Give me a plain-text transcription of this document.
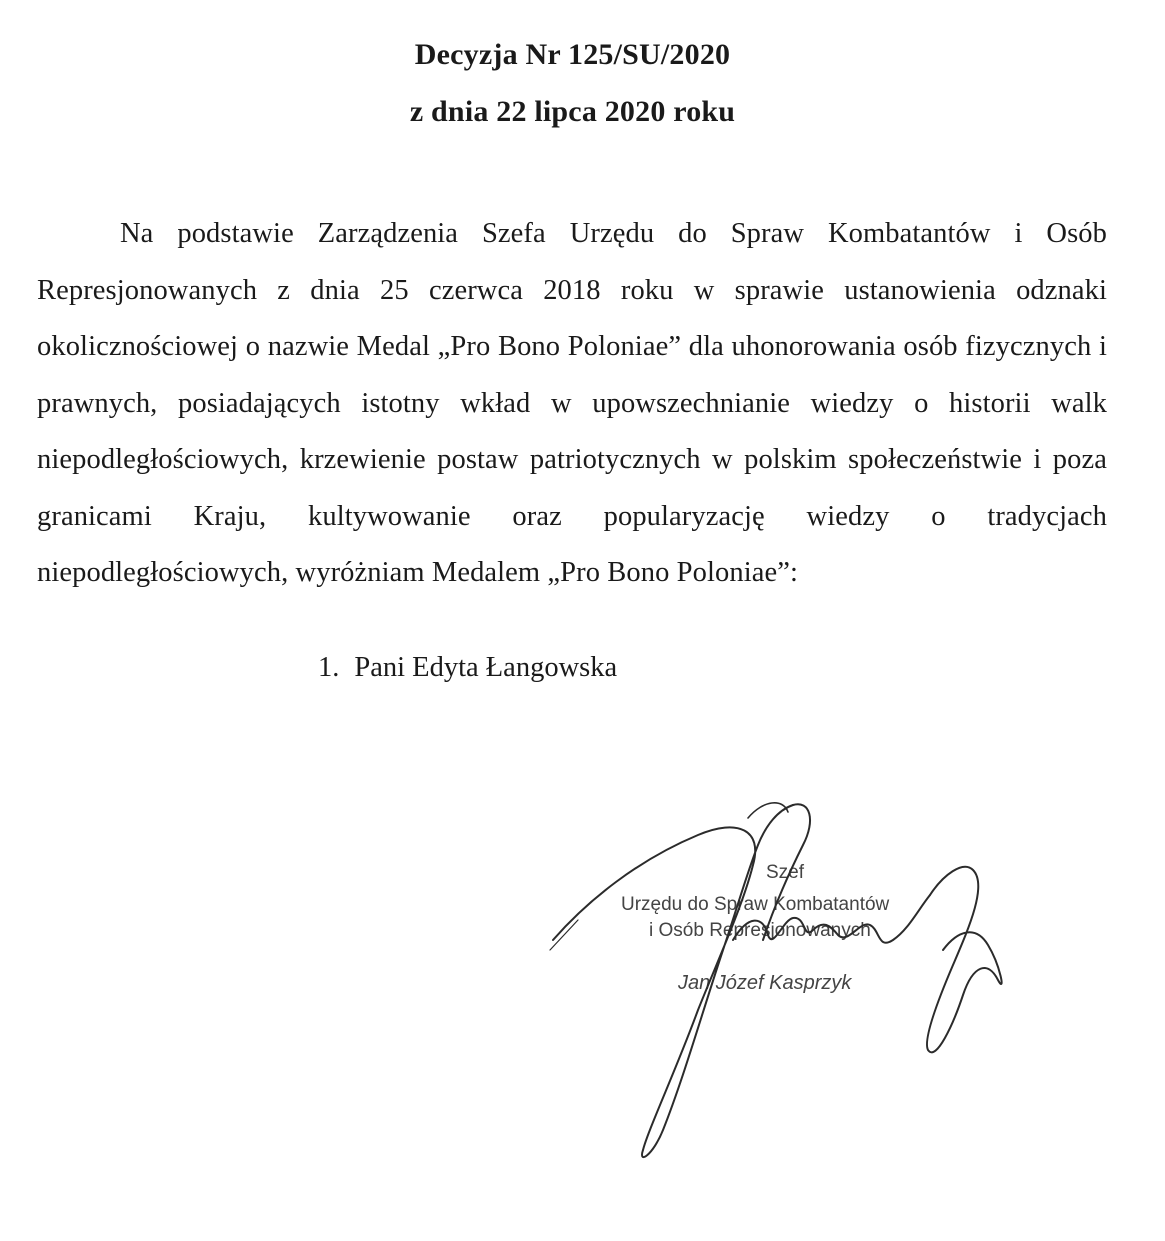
Decyzja Nr 125/SU/2020
z dnia 22 lipca 2020 roku

Na podstawie Zarządzenia Szefa Urzędu do Spraw Kombatantów i Osób Represjonowanych z dnia 25 czerwca 2018 roku w sprawie ustanowienia odznaki okolicznościowej o nazwie Medal „Pro Bono Poloniae” dla uhonorowania osób fizycznych i prawnych, posiadających istotny wkład w upowszechnianie wiedzy o historii walk niepodległościowych, krzewienie postaw patriotycznych w polskim społeczeństwie i poza granicami Kraju, kultywowanie oraz popularyzację wiedzy o tradycjach niepodległościowych, wyróżniam Medalem „Pro Bono Poloniae”:

1. Pani Edyta Łangowska
Szef
Urzędu do Spraw Kombatantów
i Osób Represjonowanych
Jan Józef Kasprzyk
